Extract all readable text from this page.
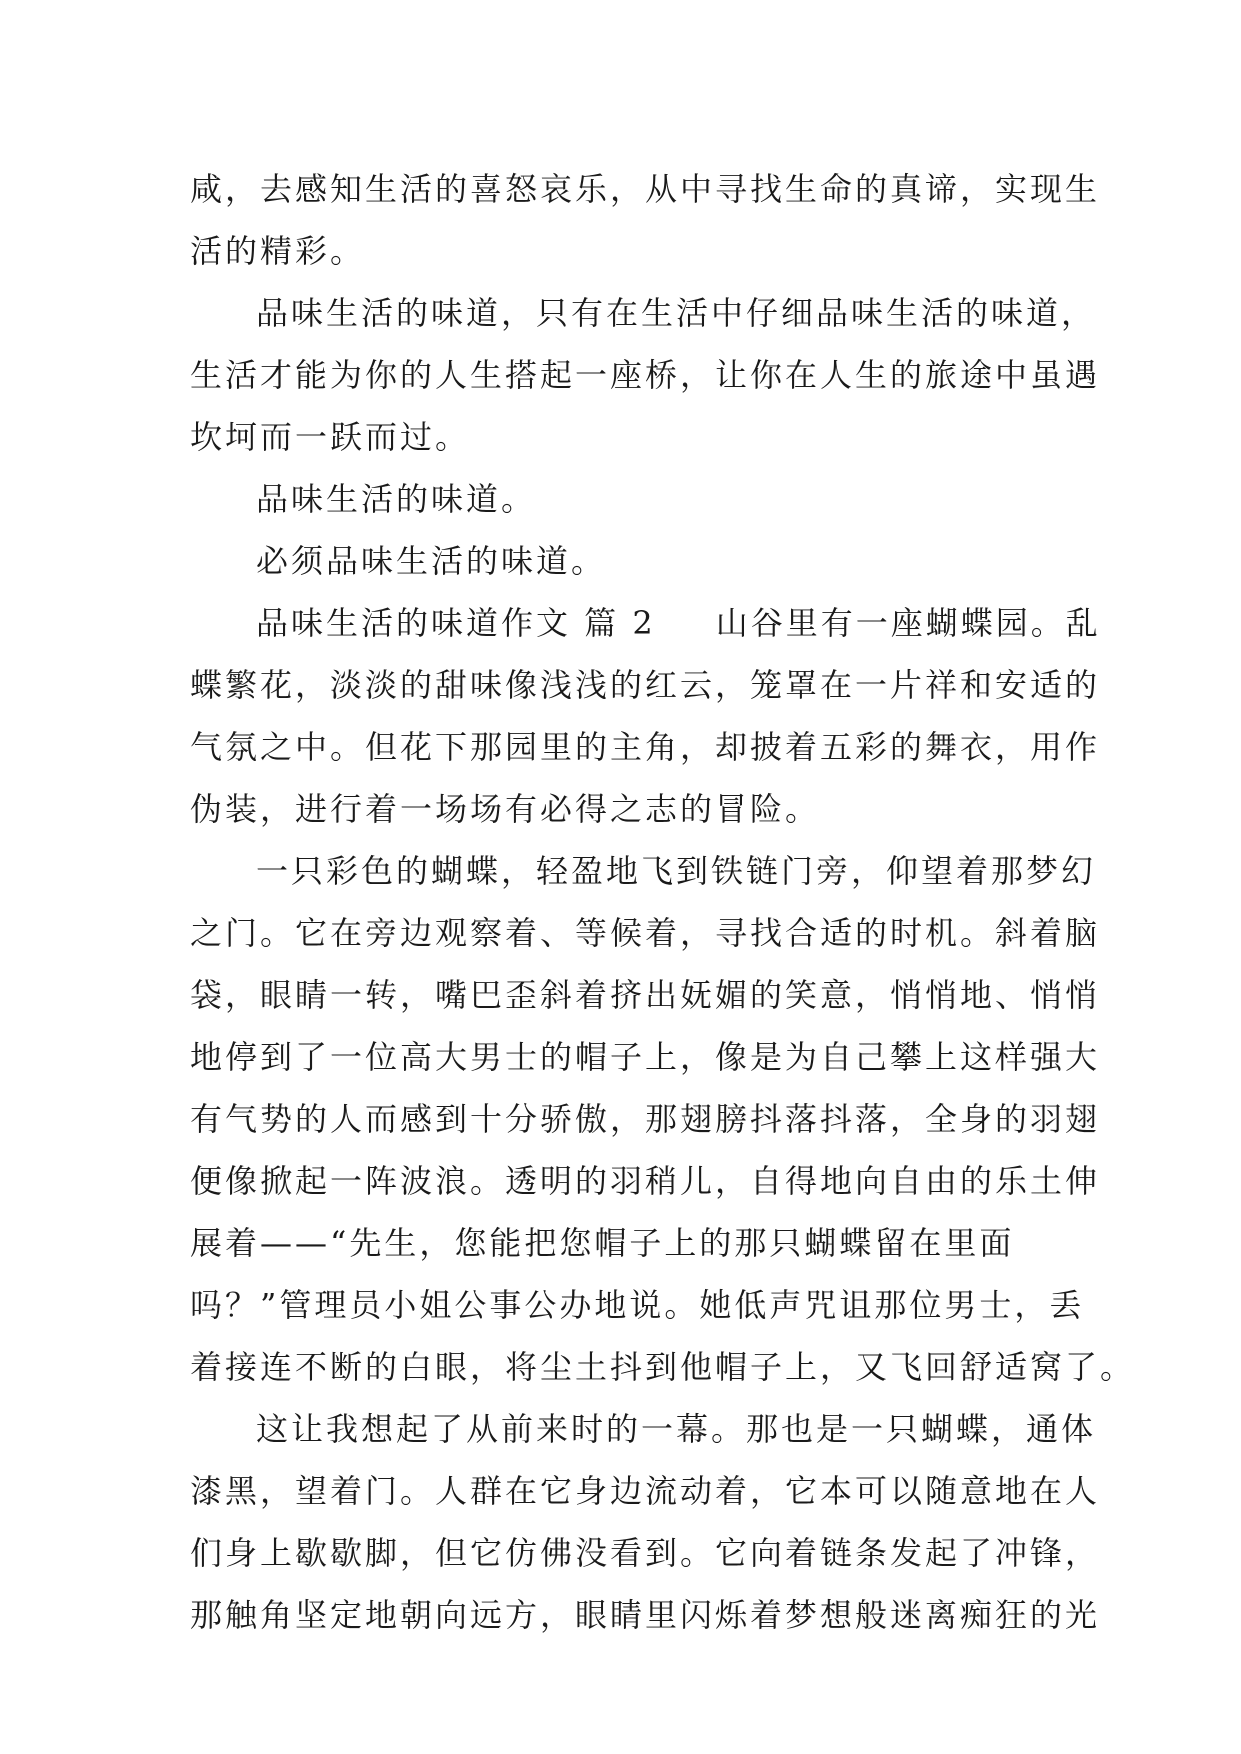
咸，去感知生活的喜怒哀乐，从中寻找生命的真谛，实现生
活的精彩。
品味生活的味道，只有在生活中仔细品味生活的味道，
生活才能为你的人生搭起一座桥，让你在人生的旅途中虽遇
坎坷而一跃而过。
品味生活的味道。
必须品味生活的味道。
品味生活的味道作文 篇 2 山谷里有一座蝴蝶园。乱
蝶繁花，淡淡的甜味像浅浅的红云，笼罩在一片祥和安适的
气氛之中。但花下那园里的主角，却披着五彩的舞衣，用作
伪装，进行着一场场有必得之志的冒险。
一只彩色的蝴蝶，轻盈地飞到铁链门旁，仰望着那梦幻
之门。它在旁边观察着、等候着，寻找合适的时机。斜着脑
袋，眼睛一转，嘴巴歪斜着挤出妩媚的笑意，悄悄地、悄悄
地停到了一位高大男士的帽子上，像是为自己攀上这样强大
有气势的人而感到十分骄傲，那翅膀抖落抖落，全身的羽翅
便像掀起一阵波浪。透明的羽稍儿，自得地向自由的乐土伸
展着——“先生，您能把您帽子上的那只蝴蝶留在里面
吗？”管理员小姐公事公办地说。她低声咒诅那位男士，丢
着接连不断的白眼，将尘土抖到他帽子上，又飞回舒适窝了。
这让我想起了从前来时的一幕。那也是一只蝴蝶，通体
漆黑，望着门。人群在它身边流动着，它本可以随意地在人
们身上歇歇脚，但它仿佛没看到。它向着链条发起了冲锋，
那触角坚定地朝向远方，眼睛里闪烁着梦想般迷离痴狂的光
